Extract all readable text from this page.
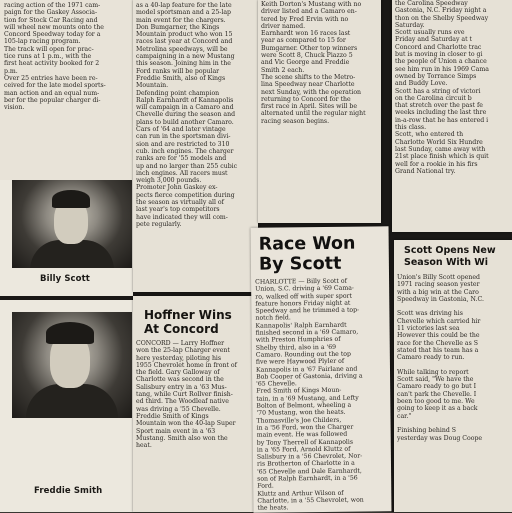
racing action of the 1971 cam-
paign for the Gaskey Associa-
tion for Stock Car Racing and
will wheel new mounts onto the
Concord Speedway today for a
105-lap racing program.
The track will open for prac-
tice runs at 1 p.m., with the
first heat activity booked for 2
p.m.
Over 25 entries have been re-
ceived for the late model sports-
man action and an equal num-
ber for the popular charger di-
vision.
Billy Scott
Freddie Smith
as a 40-lap feature for the late
model sportsman and a 25-lap
main event for the chargers.
Don Bumgarner, the Kings
Mountain product who won 15
races last year at Concord and
Metrolina speedways, will be
campaigning in a new Mustang
this season. Joining him in the
Ford ranks will be popular
Freddie Smith, also of Kings
Mountain.
Defending point champion
Ralph Earnhardt of Kannapolis
will campaign in a Camaro and
Chevelle during the season and
plans to build another Camaro.
Cars of '64 and later vintage
can run in the sportsman divi-
sion and are restricted to 310
cub. inch engines. The charger
ranks are for '55 models and
up and no larger than 255 cubic
inch engines. All racers must
weigh 3,000 pounds.
Promoter John Gaskey ex-
pects fierce competition during
the season as virtually all of
last year's top competitors
have indicated they will com-
pete regularly.
Hoffner Wins
At Concord
CONCORD — Larry Hoffner
won the 25-lap Charger event
here yesterday, piloting his
1955 Chevrolet home in front of
the field. Gary Galloway of
Charlotte was second in the
Salisbury entry in a '63 Mus-
tang, while Curt Rollver finish-
ed third. The Woodleaf native
was driving a '55 Chevelle.
Freddie Smith of Kings
Mountain won the 40-lap Super
Sport main event in a '63
Mustang. Smith also won the
heat.
Keith Dorton's Mustang with no
driver listed and a Camaro en-
tered by Fred Ervin with no
driver named.
Earnhardt won 16 races last
year as compared to 15 for
Bumgarner. Other top winners
were Scott 8, Chuck Piazzo 5
and Vic George and Freddie
Smith 2 each.
The scene shifts to the Metro-
lina Speedway near Charlotte
next Sunday, with the operation
returning to Concord for the
first race in April. Sites will be
alternated until the regular night
racing season begins.
Race Won
By Scott
CHARLOTTE — Billy Scott of
Union, S.C. driving a '69 Cama-
ro, walked off with super sport
feature honors Friday night at
Speedway and he trimmed a top-
notch field.
Kannapolis' Ralph Earnhardt
finished second in a '69 Camaro,
with Preston Humphries of
Shelby third, also in a '69
Camaro. Rounding out the top
five were Haywood Plyler of
Kannapolis in a '67 Fairlane and
Bob Cooper of Gastonia, driving a
'65 Chevelle.
Fred Smith of Kings Moun-
tain, in a '69 Mustang, and Lefty
Bolton of Belmont, wheeling a
'70 Mustang, won the heats.
Thomasville's Joe Childers,
in a '56 Ford, won the Charger
main event. He was followed
by Tony Therrell of Kannapolis
in a '65 Ford, Arnold Kluttz of
Salisbury in a '56 Chevrolet, Nor-
ris Brotherton of Charlotte in a
'65 Chevelle and Dale Earnhardt,
son of Ralph Earnhardt, in a '56
Ford.
Kluttz and Arthur Wilson of
Charlotte, in a '55 Chevrolet, won
the heats.
the Carolina Speedway
Gastonia, N.C. Friday night a
thon on the Shelby Speedway
Saturday.
Scott usually runs eve
Friday and Saturday at t
Concord and Charlotte trac
but is moving in closer to gi
the people of Union a chance
see him run in his 1969 Cama
owned by Torrance Simps
and Buddy Love.
Scott has a string of victori
on the Carolina circuit b
that stretch over the past fe
weeks including the last thre
in-a-row that he has entered i
this class.
Scott, who entered th
Charlotte World Six Hundre
last Sunday, came away with
21st place finish which is quit
well for a rookie in his firs
Grand National try.
Scott Opens New
Season With Wi
Union's Billy Scott opened
1971 racing season yester
with a big win at the Caro
Speedway in Gastonia, N.C.

Scott was driving his
Chevelle which carried hir
11 victories last sea
However this could be the
race for the Chevelle as S
stated that his team has a
Camaro ready to run.

While talking to report
Scott said, "We have the
Camaro ready to go but I
can't park the Chevelle. I
been too good to me. We
going to keep it as a back
car."

Finishing behind S
yesterday was Doug Coope
